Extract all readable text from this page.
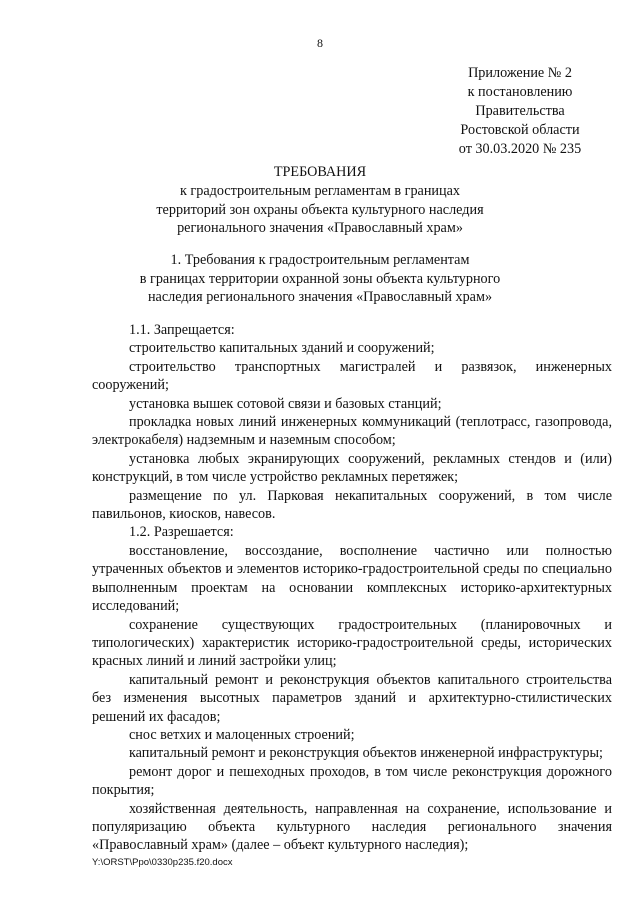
8
Приложение № 2
к постановлению
Правительства
Ростовской области
от 30.03.2020 № 235
ТРЕБОВАНИЯ
к градостроительным регламентам в границах
территорий зон охраны объекта культурного наследия
регионального значения «Православный храм»
1. Требования к градостроительным регламентам
в границах территории охранной зоны объекта культурного
наследия регионального значения «Православный храм»

1.1. Запрещается:

строительство капитальных зданий и сооружений;

строительство транспортных магистралей и развязок, инженерных сооружений;

установка вышек сотовой связи и базовых станций;

прокладка новых линий инженерных коммуникаций (теплотрасс, газопровода, электрокабеля) надземным и наземным способом;

установка любых экранирующих сооружений, рекламных стендов и (или) конструкций, в том числе устройство рекламных перетяжек;

размещение по ул. Парковая некапитальных сооружений, в том числе павильонов, киосков, навесов.

1.2. Разрешается:

восстановление, воссоздание, восполнение частично или полностью утраченных объектов и элементов историко-градостроительной среды по специально выполненным проектам на основании комплексных историко-архитектурных исследований;

сохранение существующих градостроительных (планировочных и типологических) характеристик историко-градостроительной среды, исторических красных линий и линий застройки улиц;

капитальный ремонт и реконструкция объектов капитального строительства без изменения высотных параметров зданий и архитектурно-стилистических решений их фасадов;

снос ветхих и малоценных строений;

капитальный ремонт и реконструкция объектов инженерной инфраструктуры;

ремонт дорог и пешеходных проходов, в том числе реконструкция дорожного покрытия;

хозяйственная деятельность, направленная на сохранение, использование и популяризацию объекта культурного наследия регионального значения «Православный храм» (далее – объект культурного наследия);

Y:\ORST\Ppo\0330p235.f20.docx
